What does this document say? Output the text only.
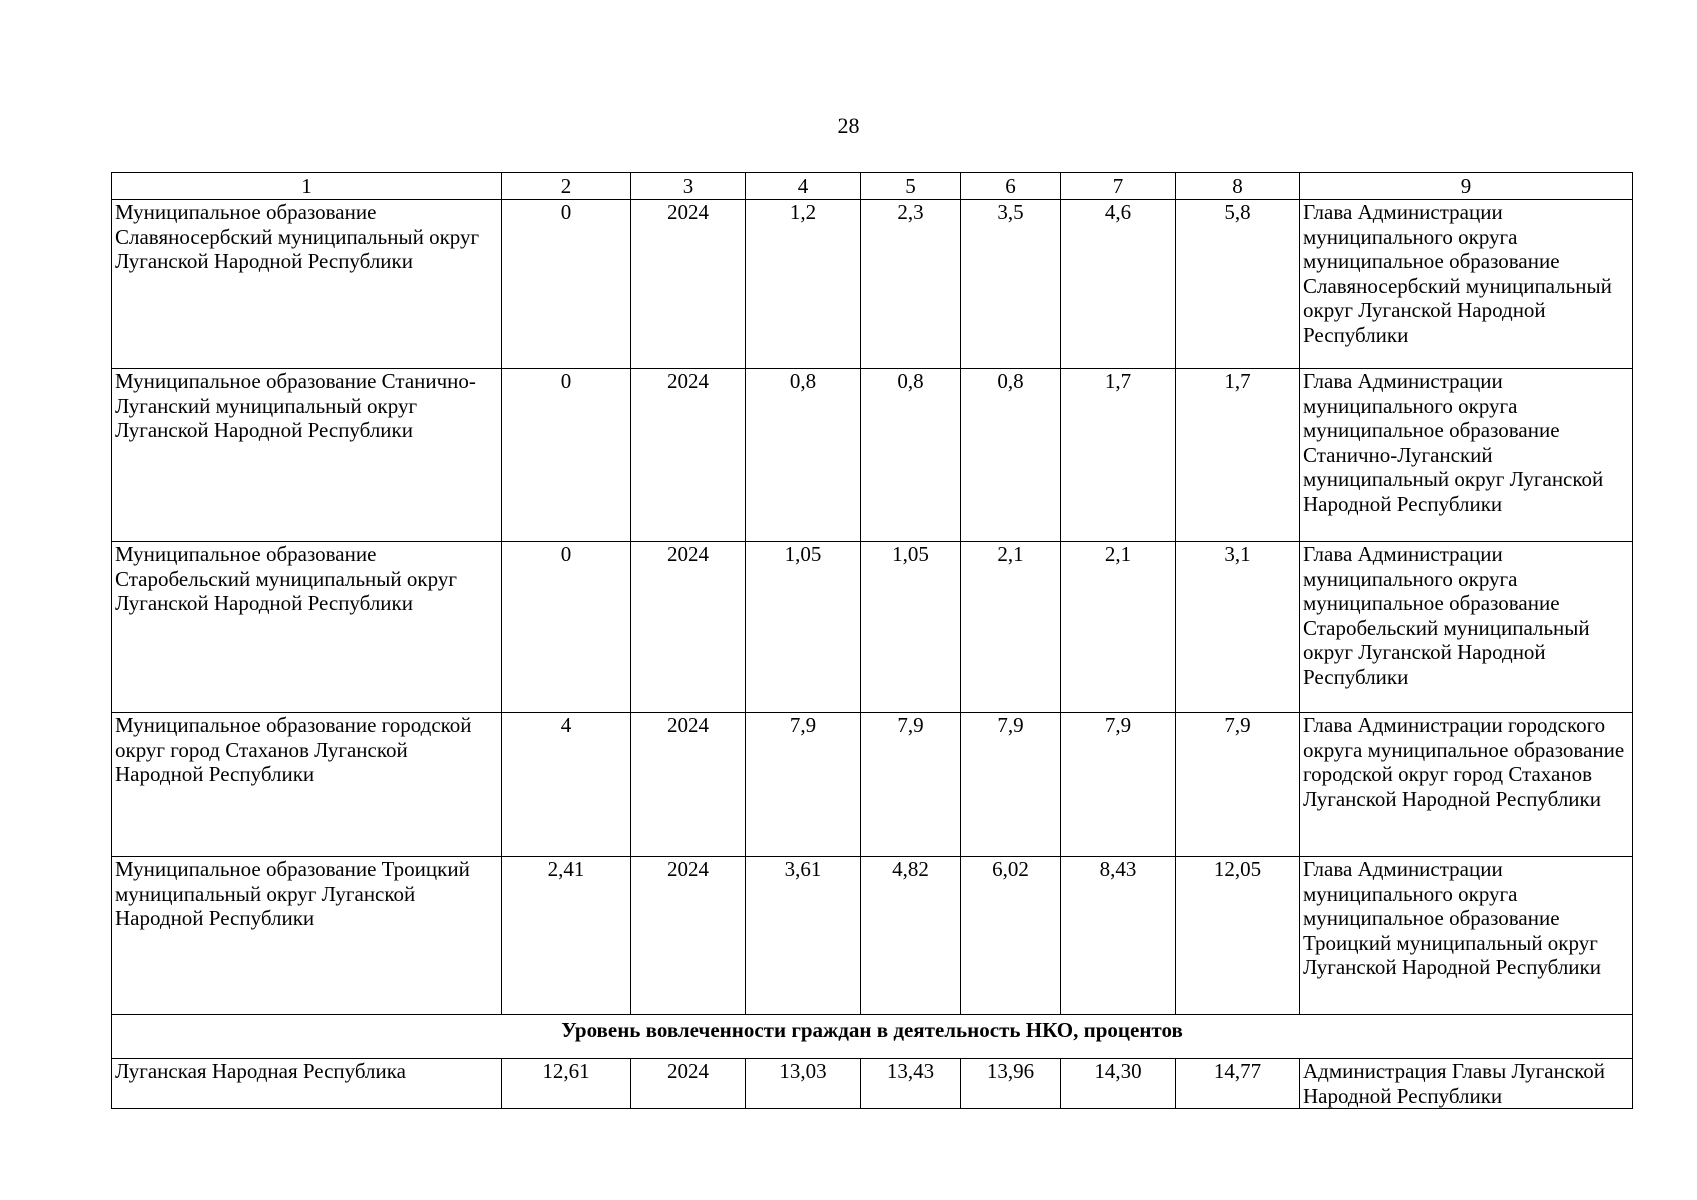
28
1	2	3	4	5	6	7	8	9
Муниципальное образование Славяносербский муниципальный округ Луганской Народной Республики	0	2024	1,2	2,3	3,5	4,6	5,8	Глава Администрации муниципального округа муниципальное образование Славяносербский муниципальный округ Луганской Народной Республики
Муниципальное образование Станично-Луганский муниципальный округ Луганской Народной Республики	0	2024	0,8	0,8	0,8	1,7	1,7	Глава Администрации муниципального округа муниципальное образование Станично-Луганский муниципальный округ Луганской Народной Республики
Муниципальное образование Старобельский муниципальный округ Луганской Народной Республики	0	2024	1,05	1,05	2,1	2,1	3,1	Глава Администрации муниципального округа муниципальное образование Старобельский муниципальный округ Луганской Народной Республики
Муниципальное образование городской округ город Стаханов Луганской Народной Республики	4	2024	7,9	7,9	7,9	7,9	7,9	Глава Администрации городского округа муниципальное образование городской округ город Стаханов Луганской Народной Республики
Муниципальное образование Троицкий муниципальный округ Луганской Народной Республики	2,41	2024	3,61	4,82	6,02	8,43	12,05	Глава Администрации муниципального округа муниципальное образование Троицкий муниципальный округ Луганской Народной Республики
Уровень вовлеченности граждан в деятельность НКО, процентов								
Луганская Народная Республика	12,61	2024	13,03	13,43	13,96	14,30	14,77	Администрация Главы Луганской Народной Республики
